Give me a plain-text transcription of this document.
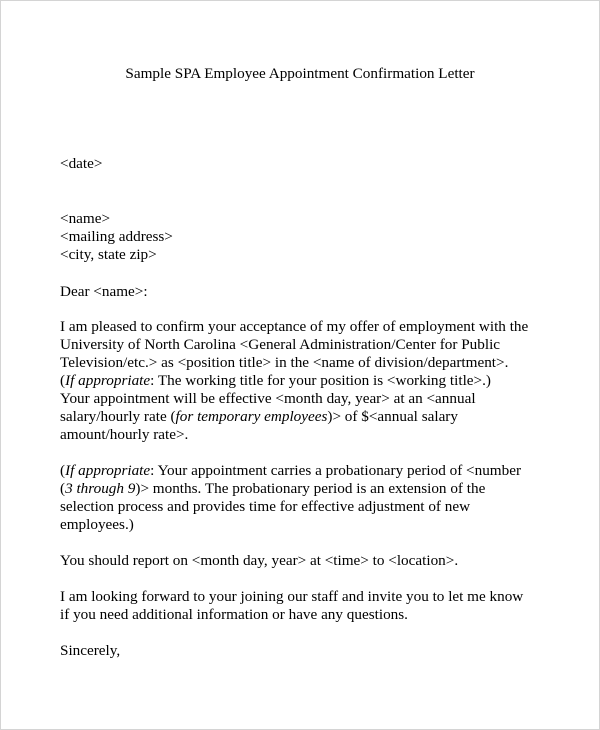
Sample SPA Employee Appointment Confirmation Letter
<date>
<name>
<mailing address>
<city, state zip>
Dear <name>:
I am pleased to confirm your acceptance of my offer of employment with the
University of North Carolina <General Administration/Center for Public
Television/etc.> as <position title> in the <name of division/department>.
(If appropriate: The working title for your position is <working title>.)
Your appointment will be effective <month day, year> at an <annual
salary/hourly rate (for temporary employees)> of $<annual salary
amount/hourly rate>.
(If appropriate: Your appointment carries a probationary period of <number
(3 through 9)> months. The probationary period is an extension of the
selection process and provides time for effective adjustment of new
employees.)
You should report on <month day, year> at <time> to <location>.
I am looking forward to your joining our staff and invite you to let me know
if you need additional information or have any questions.
Sincerely,
